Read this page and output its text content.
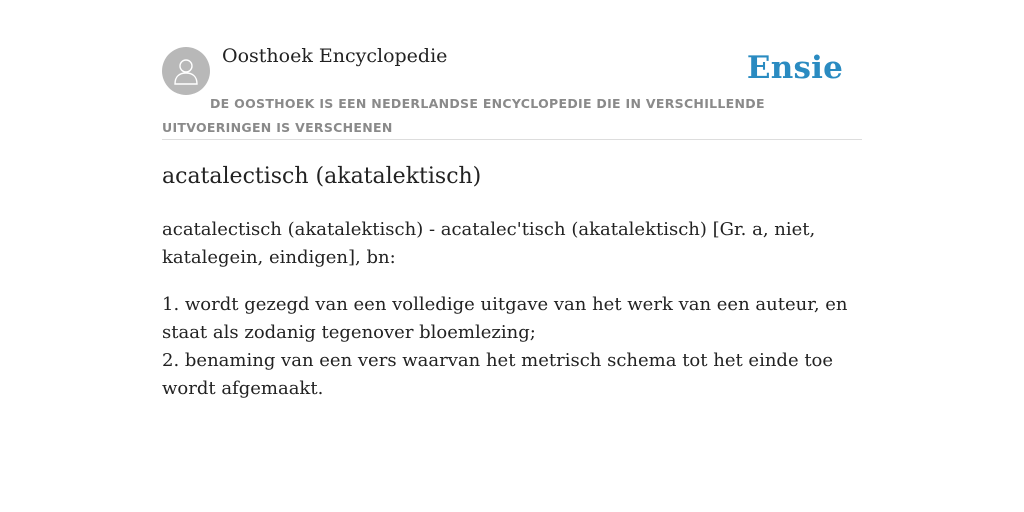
Oosthoek Encyclopedie	Ensie
DE OOSTHOEK IS EEN NEDERLANDSE ENCYCLOPEDIE DIE IN VERSCHILLENDE UITVOERINGEN IS VERSCHENEN
acatalectisch (akatalektisch)

acatalectisch (akatalektisch) - acatalec'tisch (akatalektisch) [Gr. a, niet, katalegein, eindigen], bn:

1. wordt gezegd van een volledige uitgave van het werk van een auteur, en staat als zodanig tegenover bloemlezing;
2. benaming van een vers waarvan het metrisch schema tot het einde toe wordt afgemaakt.
